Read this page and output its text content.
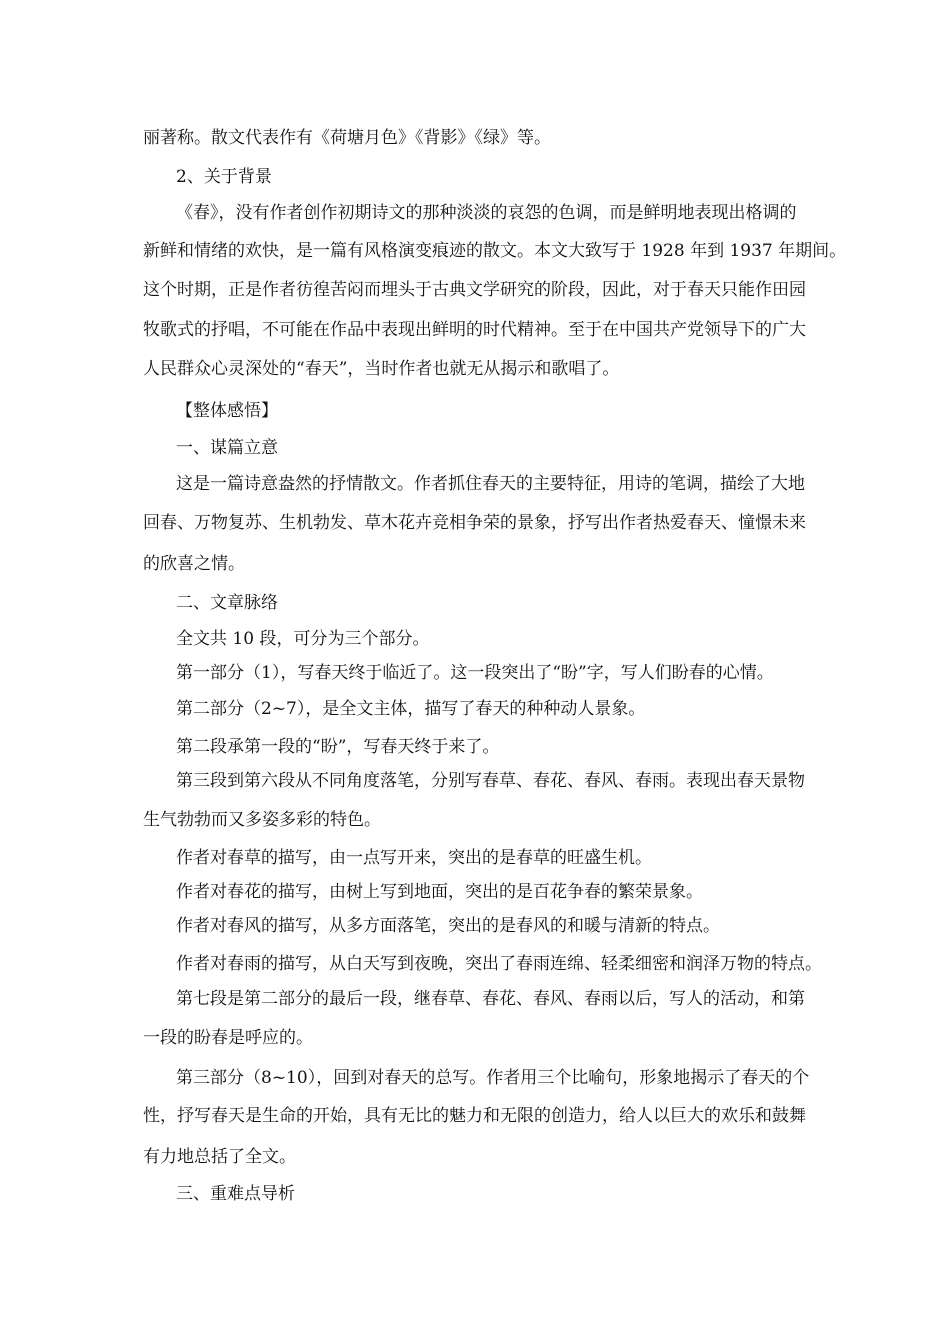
丽著称。散文代表作有《荷塘月色》《背影》《绿》等。
2、关于背景
《春》，没有作者创作初期诗文的那种淡淡的哀怨的色调，而是鲜明地表现出格调的
新鲜和情绪的欢快，是一篇有风格演变痕迹的散文。本文大致写于 1928 年到 1937 年期间。
这个时期，正是作者彷徨苦闷而埋头于古典文学研究的阶段，因此，对于春天只能作田园
牧歌式的抒唱，不可能在作品中表现出鲜明的时代精神。至于在中国共产党领导下的广大
人民群众心灵深处的“春天”，当时作者也就无从揭示和歌唱了。
【整体感悟】
一、谋篇立意
这是一篇诗意盎然的抒情散文。作者抓住春天的主要特征，用诗的笔调，描绘了大地
回春、万物复苏、生机勃发、草木花卉竞相争荣的景象，抒写出作者热爱春天、憧憬未来
的欣喜之情。
二、文章脉络
全文共 10 段，可分为三个部分。
第一部分（1），写春天终于临近了。这一段突出了“盼”字，写人们盼春的心情。
第二部分（2~7），是全文主体，描写了春天的种种动人景象。
第二段承第一段的“盼”，写春天终于来了。
第三段到第六段从不同角度落笔，分别写春草、春花、春风、春雨。表现出春天景物
生气勃勃而又多姿多彩的特色。
作者对春草的描写，由一点写开来，突出的是春草的旺盛生机。
作者对春花的描写，由树上写到地面，突出的是百花争春的繁荣景象。
作者对春风的描写，从多方面落笔，突出的是春风的和暖与清新的特点。
作者对春雨的描写，从白天写到夜晚，突出了春雨连绵、轻柔细密和润泽万物的特点。
第七段是第二部分的最后一段，继春草、春花、春风、春雨以后，写人的活动，和第
一段的盼春是呼应的。
第三部分（8~10），回到对春天的总写。作者用三个比喻句，形象地揭示了春天的个
性，抒写春天是生命的开始，具有无比的魅力和无限的创造力，给人以巨大的欢乐和鼓舞
有力地总括了全文。
三、重难点导析
